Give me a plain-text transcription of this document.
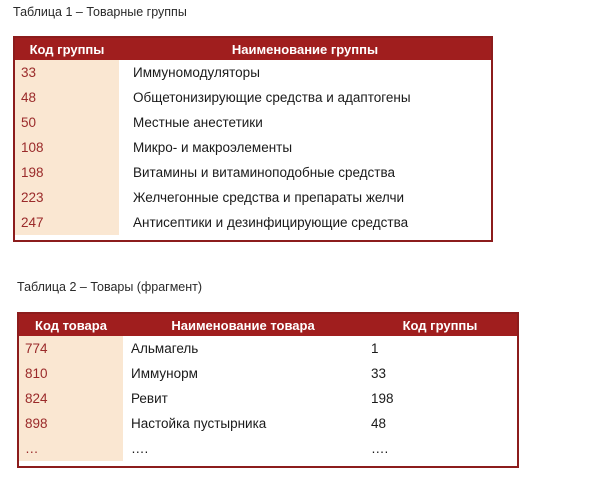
Таблица 1 – Товарные группы
Код группы	Наименование группы
33	Иммуномодуляторы
48	Общетонизирующие средства и адаптогены
50	Местные анестетики
108	Микро- и макроэлементы
198	Витамины и витаминоподобные средства
223	Желчегонные средства и препараты желчи
247	Антисептики и дезинфицирующие средства
Таблица 2 – Товары (фрагмент)
Код товара	Наименование товара	Код группы
774	Альмагель	1
810	Иммунорм	33
824	Ревит	198
898	Настойка пустырника	48
…	….	….
